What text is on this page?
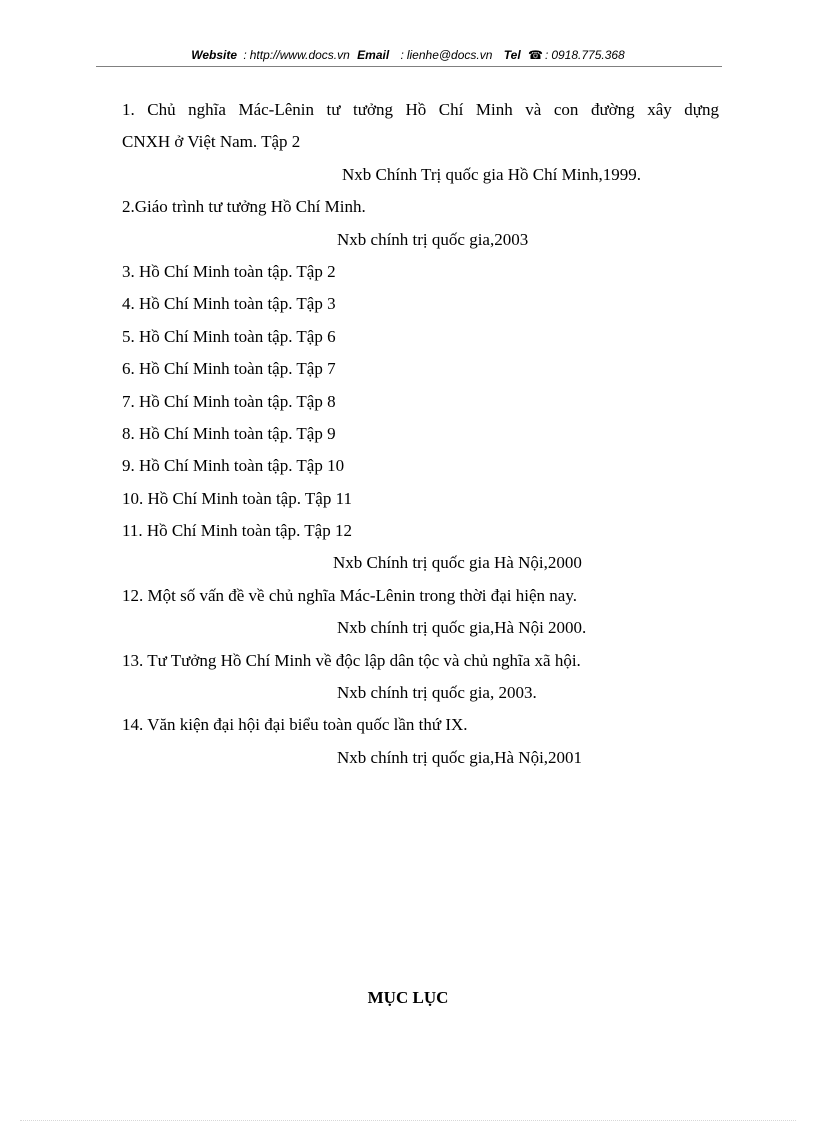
Website : http://www.docs.vn Email : lienhe@docs.vn Tel ☎ : 0918.775.368
1. Chủ nghĩa Mác-Lênin tư tưởng Hồ Chí Minh và con đường xây dựng
CNXH ở Việt Nam. Tập 2
Nxb Chính Trị quốc gia Hồ Chí Minh,1999.
2.Giáo trình tư tưởng Hồ Chí Minh.
Nxb chính trị quốc gia,2003
3. Hồ Chí Minh toàn tập. Tập 2
4. Hồ Chí Minh toàn tập. Tập 3
5. Hồ Chí Minh toàn tập. Tập 6
6. Hồ Chí Minh toàn tập. Tập 7
7. Hồ Chí Minh toàn tập. Tập 8
8. Hồ Chí Minh toàn tập. Tập 9
9. Hồ Chí Minh toàn tập. Tập 10
10. Hồ Chí Minh toàn tập. Tập 11
11. Hồ Chí Minh toàn tập. Tập 12
Nxb Chính trị quốc gia Hà Nội,2000
12. Một số vấn đề về chủ nghĩa Mác-Lênin trong thời đại hiện nay.
Nxb chính trị quốc gia,Hà Nội 2000.
13. Tư Tưởng Hồ Chí Minh về độc lập dân tộc và chủ nghĩa xã hội.
Nxb chính trị quốc gia, 2003.
14. Văn kiện đại hội đại biểu toàn quốc lần thứ IX.
Nxb chính trị quốc gia,Hà Nội,2001
MỤC LỤC
